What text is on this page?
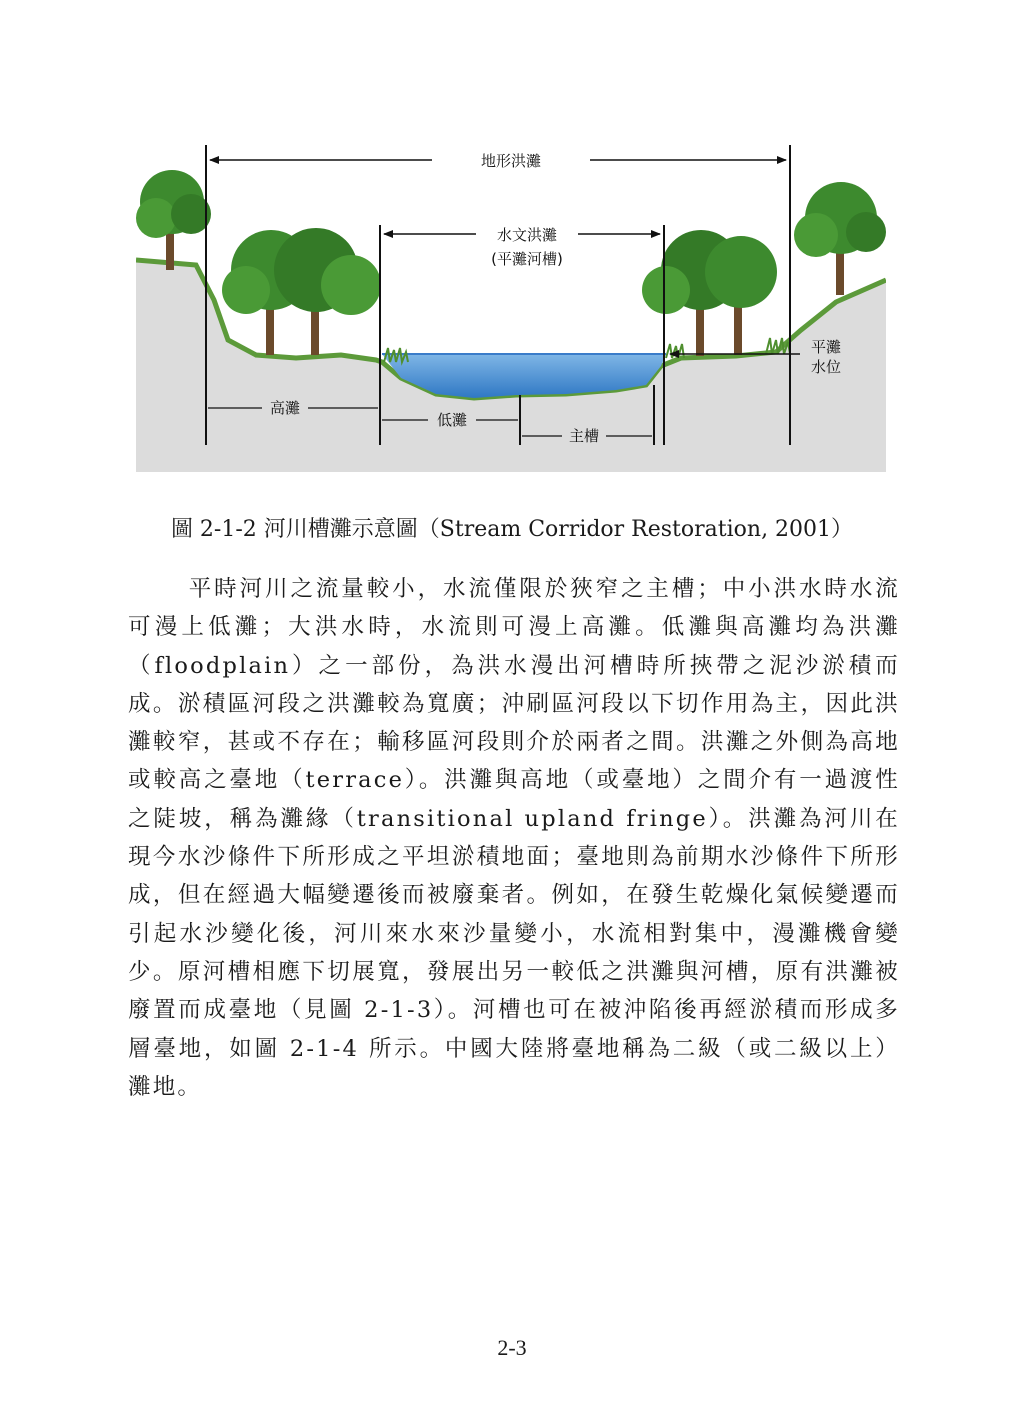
地形洪灘
水文洪灘
(平灘河槽)
平灘
水位
高灘
低灘
主槽
圖 2-1-2 河川槽灘示意圖（Stream Corridor Restoration, 2001）

平時河川之流量較小，水流僅限於狹窄之主槽；中小洪水時水流可漫上低灘；大洪水時，水流則可漫上高灘。低灘與高灘均為洪灘（floodplain）之一部份，為洪水漫出河槽時所挾帶之泥沙淤積而成。淤積區河段之洪灘較為寬廣；沖刷區河段以下切作用為主，因此洪灘較窄，甚或不存在；輸移區河段則介於兩者之間。洪灘之外側為高地或較高之臺地（terrace）。洪灘與高地（或臺地）之間介有一過渡性之陡坡，稱為灘緣（transitional upland fringe）。洪灘為河川在現今水沙條件下所形成之平坦淤積地面；臺地則為前期水沙條件下所形成，但在經過大幅變遷後而被廢棄者。例如，在發生乾燥化氣候變遷而引起水沙變化後，河川來水來沙量變小，水流相對集中，漫灘機會變少。原河槽相應下切展寬，發展出另一較低之洪灘與河槽，原有洪灘被廢置而成臺地（見圖 2-1-3）。河槽也可在被沖陷後再經淤積而形成多層臺地，如圖 2-1-4 所示。中國大陸將臺地稱為二級（或二級以上）灘地。

2-3
